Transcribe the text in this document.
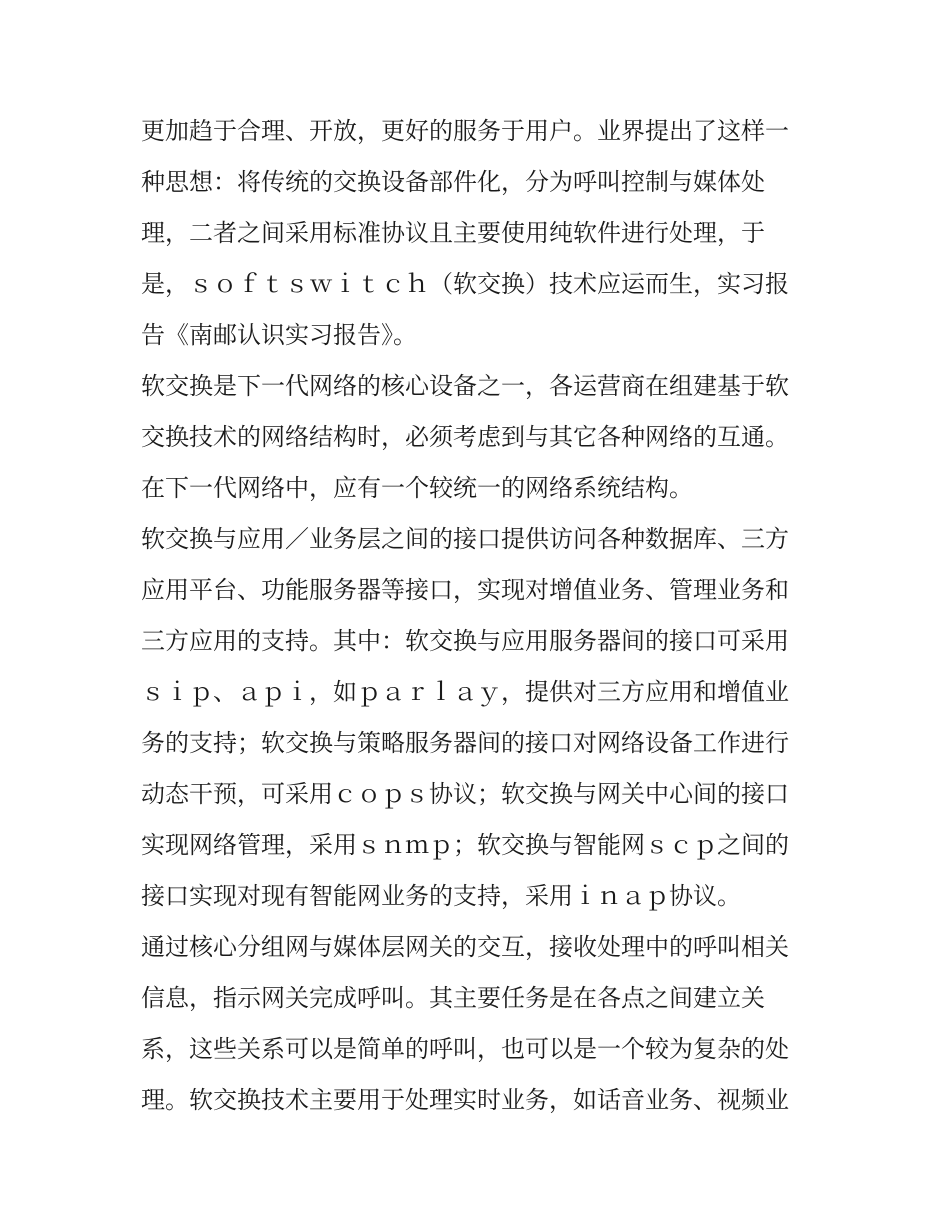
更加趋于合理、开放，更好的服务于用户。业界提出了这样一
种思想：将传统的交换设备部件化，分为呼叫控制与媒体处
理，二者之间采用标准协议且主要使用纯软件进行处理，于
是，ｓｏｆｔｓｗｉｔｃｈ（软交换）技术应运而生，实习报
告《南邮认识实习报告》。
软交换是下一代网络的核心设备之一，各运营商在组建基于软
交换技术的网络结构时，必须考虑到与其它各种网络的互通。
在下一代网络中，应有一个较统一的网络系统结构。
软交换与应用／业务层之间的接口提供访问各种数据库、三方
应用平台、功能服务器等接口，实现对增值业务、管理业务和
三方应用的支持。其中：软交换与应用服务器间的接口可采用
ｓｉｐ、ａｐｉ，如ｐａｒｌａｙ，提供对三方应用和增值业
务的支持；软交换与策略服务器间的接口对网络设备工作进行
动态干预，可采用ｃｏｐｓ协议；软交换与网关中心间的接口
实现网络管理，采用ｓｎｍｐ；软交换与智能网ｓｃｐ之间的
接口实现对现有智能网业务的支持，采用ｉｎａｐ协议。
通过核心分组网与媒体层网关的交互，接收处理中的呼叫相关
信息，指示网关完成呼叫。其主要任务是在各点之间建立关
系，这些关系可以是简单的呼叫，也可以是一个较为复杂的处
理。软交换技术主要用于处理实时业务，如话音业务、视频业
